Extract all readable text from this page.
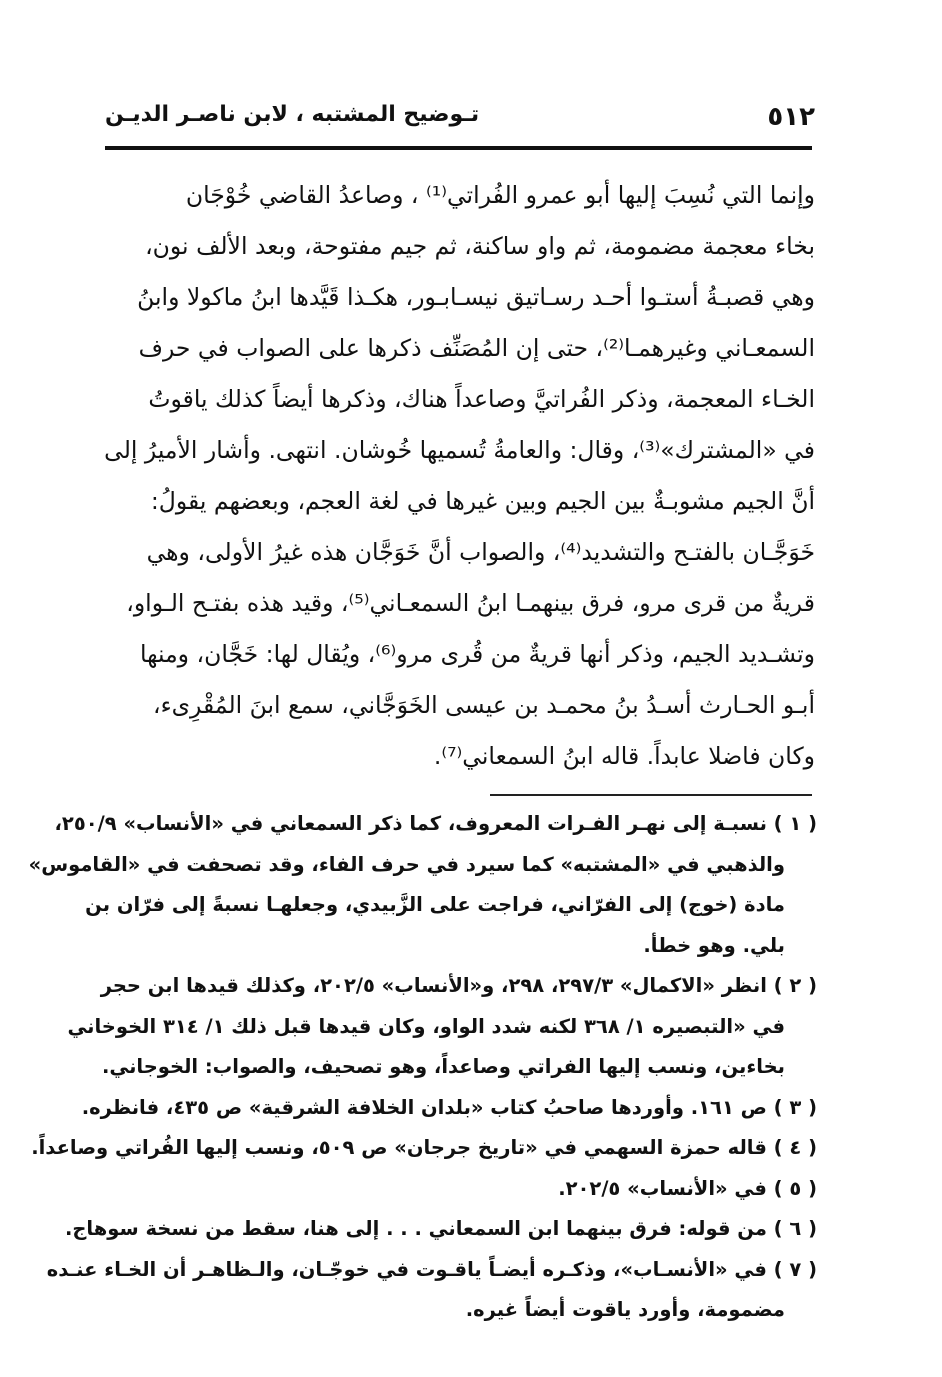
٥١٢
تـوضيح المشتبه ، لابن ناصـر الديـن
وإنما التي نُسِبَ إليها أبو عمرو الفُراتي⁽¹⁾ ، وصاعدُ القاضي خُوْجَان
بخاء معجمة مضمومة، ثم واو ساكنة، ثم جيم مفتوحة، وبعد الألف نون،
وهي قصبـةُ أستـوا أحـد رسـاتيق نيسـابـور، هكـذا قَيَّدها ابنُ ماكولا وابنُ
السمعـاني وغيرهمـا⁽²⁾، حتى إن المُصَنِّف ذكرها على الصواب في حرف
الخـاء المعجمة، وذكر الفُراتيَّ وصاعداً هناك، وذكرها أيضاً كذلك ياقوتُ
في «المشترك»⁽³⁾، وقال: والعامةُ تُسميها خُوشان. انتهى. وأشار الأميرُ إلى
أنَّ الجيم مشوبـةٌ بين الجيم وبين غيرها في لغة العجم، وبعضهم يقولُ:
خَوَجَّـان بالفتـح والتشديد⁽⁴⁾، والصواب أنَّ خَوَجَّان هذه غيرُ الأولى، وهي
قريةٌ من قرى مرو، فرق بينهمـا ابنُ السمعـاني⁽⁵⁾، وقيد هذه بفتـح الـواو،
وتشـديد الجيم، وذكر أنها قريةٌ من قُرى مرو⁽⁶⁾، ويُقال لها: خَجَّان، ومنها
أبـو الحـارث أسـدُ بنُ محمـد بن عيسى الخَوَجَّاني، سمع ابنَ المُقْرِىء،
وكان فاضلا عابداً. قاله ابنُ السمعاني⁽⁷⁾.
( ١ ) نسبـة إلى نهـر الفـرات المعروف، كما ذكر السمعاني في «الأنساب» ٢٥٠/٩،
والذهبي في «المشتبه» كما سيرد في حرف الفاء، وقد تصحفت في «القاموس»
مادة (خوج) إلى الفرّاني، فراجت على الزَّبيدي، وجعلهـا نسبةً إلى فرّان بن
بلي. وهو خطأ.
( ٢ ) انظر «الاكمال» ٢٩٧/٣، ٢٩٨، و«الأنساب» ٢٠٢/٥، وكذلك قيدها ابن حجر
في «التبصيره ١/ ٣٦٨ لكنه شدد الواو، وكان قيدها قبل ذلك ١/ ٣١٤ الخوخاني
بخاءين، ونسب إليها الفراتي وصاعداً، وهو تصحيف، والصواب: الخوجاني.
( ٣ ) ص ١٦١. وأوردها صاحبُ كتاب «بلدان الخلافة الشرقية» ص ٤٣٥، فانظره.
( ٤ ) قاله حمزة السهمي في «تاريخ جرجان» ص ٥٠٩، ونسب إليها الفُراتي وصاعداً.
( ٥ ) في «الأنساب» ٢٠٢/٥.
( ٦ ) من قوله: فرق بينهما ابن السمعاني . . . إلى هنا، سقط من نسخة سوهاج.
( ٧ ) في «الأنسـاب»، وذكـره أيضـاً ياقـوت في خوجّـان، والـظاهـر أن الخـاء عنـده
مضمومة، وأورد ياقوت أيضاً غيره.
